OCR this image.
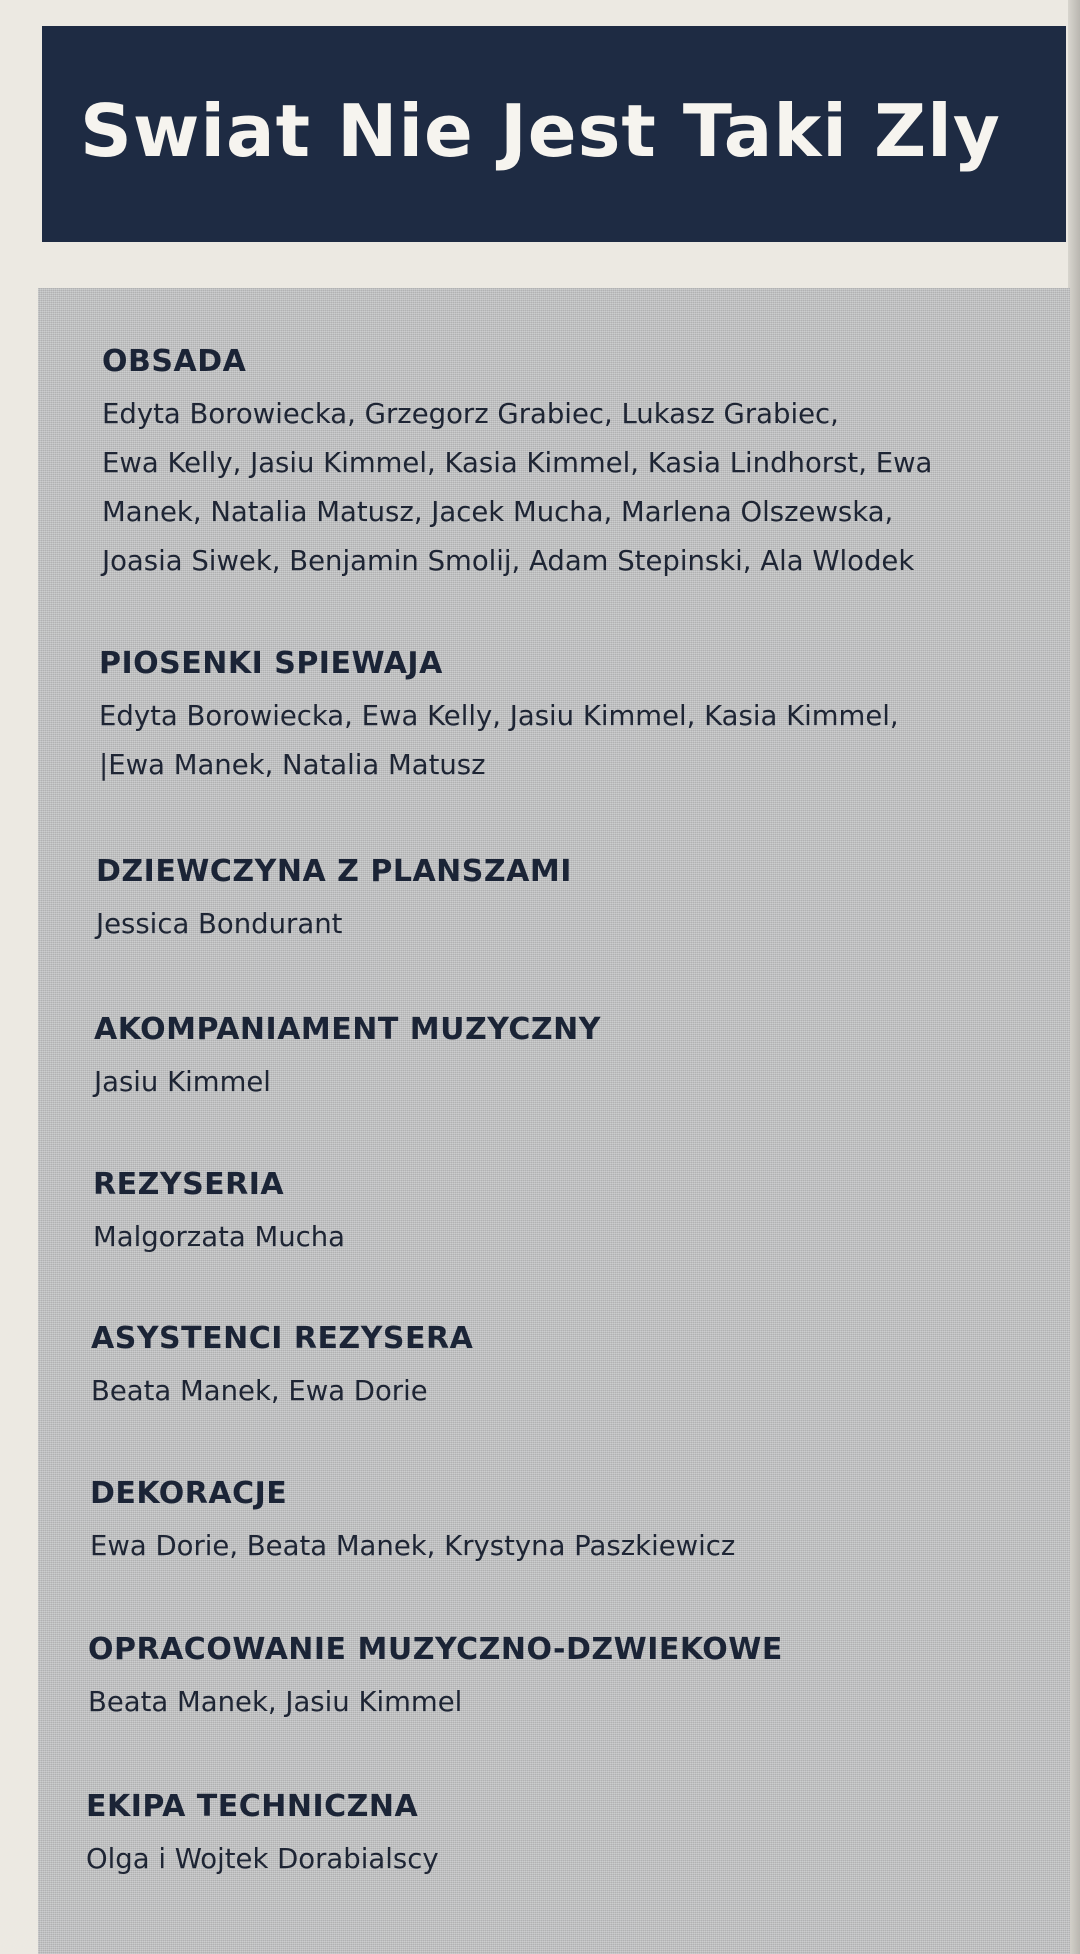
Swiat Nie Jest Taki Zly
OBSADA
Edyta Borowiecka, Grzegorz Grabiec, Lukasz Grabiec,
Ewa Kelly, Jasiu Kimmel, Kasia Kimmel, Kasia Lindhorst, Ewa
Manek, Natalia Matusz, Jacek Mucha, Marlena Olszewska,
Joasia Siwek, Benjamin Smolij, Adam Stepinski, Ala Wlodek
PIOSENKI SPIEWAJA
Edyta Borowiecka, Ewa Kelly, Jasiu Kimmel, Kasia Kimmel,
|Ewa Manek, Natalia Matusz
DZIEWCZYNA Z PLANSZAMI
Jessica Bondurant
AKOMPANIAMENT MUZYCZNY
Jasiu Kimmel
REZYSERIA
Malgorzata Mucha
ASYSTENCI REZYSERA
Beata Manek, Ewa Dorie
DEKORACJE
Ewa Dorie, Beata Manek, Krystyna Paszkiewicz
OPRACOWANIE MUZYCZNO-DZWIEKOWE
Beata Manek, Jasiu Kimmel
EKIPA TECHNICZNA
Olga i Wojtek Dorabialscy
